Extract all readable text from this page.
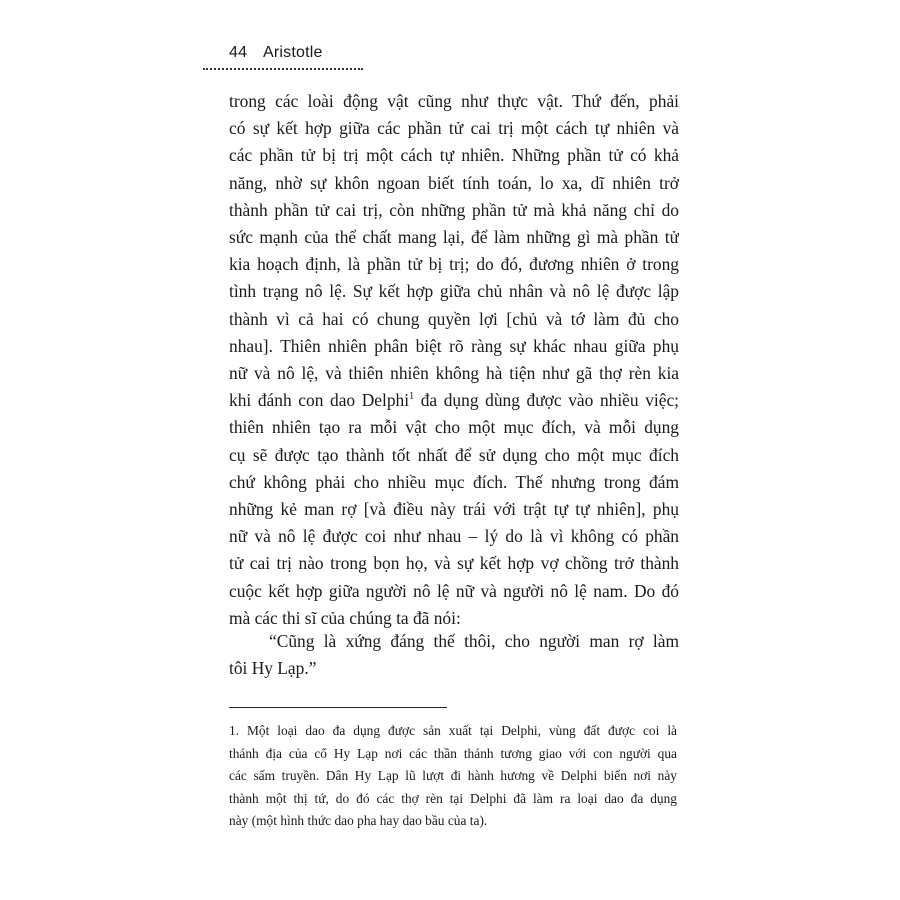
44 Aristotle
trong các loài động vật cũng như thực vật. Thứ đến, phải
có sự kết hợp giữa các phần tử cai trị một cách tự nhiên và
các phần tử bị trị một cách tự nhiên. Những phần tử có khả
năng, nhờ sự khôn ngoan biết tính toán, lo xa, dĩ nhiên trở
thành phần tử cai trị, còn những phần tử mà khả năng chỉ do
sức mạnh của thể chất mang lại, để làm những gì mà phần tử
kia hoạch định, là phần tử bị trị; do đó, đương nhiên ở trong
tình trạng nô lệ. Sự kết hợp giữa chủ nhân và nô lệ được lập
thành vì cả hai có chung quyền lợi [chủ và tớ làm đủ cho
nhau]. Thiên nhiên phân biệt rõ ràng sự khác nhau giữa phụ
nữ và nô lệ, và thiên nhiên không hà tiện như gã thợ rèn kia
khi đánh con dao Delphi$^1$ đa dụng dùng được vào nhiều việc;
thiên nhiên tạo ra mỗi vật cho một mục đích, và mỗi dụng
cụ sẽ được tạo thành tốt nhất để sử dụng cho một mục đích
chứ không phải cho nhiều mục đích. Thế nhưng trong đám
những kẻ man rợ [và điều này trái với trật tự tự nhiên], phụ
nữ và nô lệ được coi như nhau – lý do là vì không có phần
tử cai trị nào trong bọn họ, và sự kết hợp vợ chồng trở thành
cuộc kết hợp giữa người nô lệ nữ và người nô lệ nam. Do đó
mà các thi sĩ của chúng ta đã nói:
“Cũng là xứng đáng thế thôi, cho người man rợ làm
tôi Hy Lạp.”
1. Một loại dao đa dụng được sản xuất tại Delphi, vùng đất được coi là
thánh địa của cổ Hy Lạp nơi các thần thánh tương giao với con người qua
các sấm truyền. Dân Hy Lạp lũ lượt đi hành hương về Delphi biến nơi này
thành một thị tứ, do đó các thợ rèn tại Delphi đã làm ra loại dao đa dụng
này (một hình thức dao pha hay dao bầu của ta).
